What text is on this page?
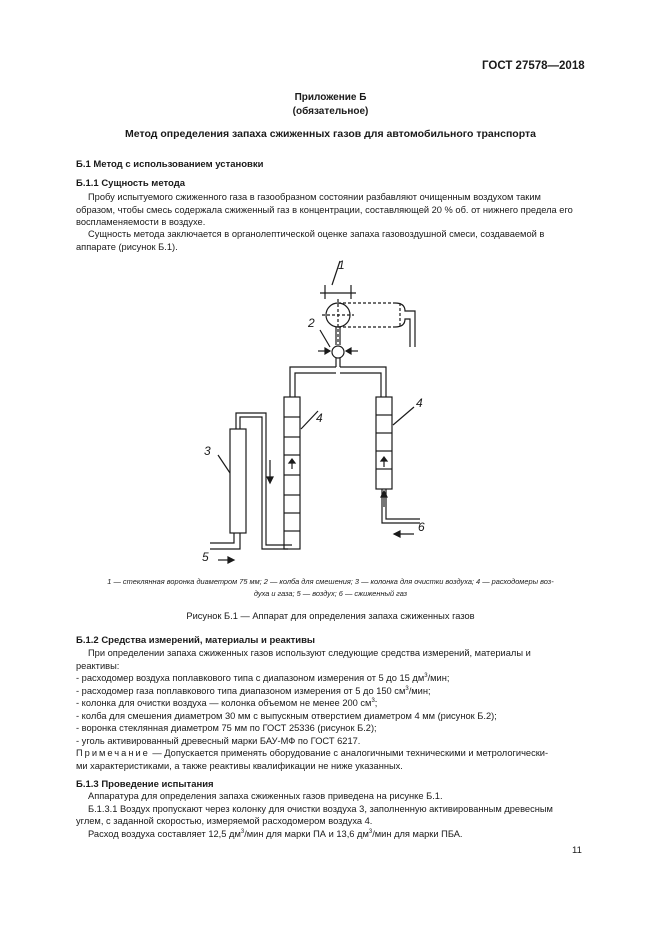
ГОСТ 27578—2018
Приложение Б
(обязательное)
Метод определения запаха сжиженных газов для автомобильного транспорта
Б.1 Метод с использованием установки
Б.1.1 Сущность метода
Пробу испытуемого сжиженного газа в газообразном состоянии разбавляют очищенным воздухом таким
образом, чтобы смесь содержала сжиженный газ в концентрации, составляющей 20 % об. от нижнего предела его
воспламеняемости в воздухе.
Сущность метода заключается в органолептической оценке запаха газовоздушной смеси, создаваемой в
аппарате (рисунок Б.1).
1
2
3
4
4
5
6
1 — стеклянная воронка диаметром 75 мм; 2 — колба для смешения; 3 — колонка для очистки воздуха; 4 — расходомеры воз-
духа и газа; 5 — воздух; 6 — сжиженный газ
Рисунок Б.1 — Аппарат для определения запаха сжиженных газов
Б.1.2 Средства измерений, материалы и реактивы
При определении запаха сжиженных газов используют следующие средства измерений, материалы и
реактивы:
- расходомер воздуха поплавкового типа с диапазоном измерения от 5 до 15 $дм^3$/мин;
- расходомер газа поплавкового типа диапазоном измерения от 5 до 150 $см^3$/мин;
- колонка для очистки воздуха — колонка объемом не менее 200 $см^3$;
- колба для смешения диаметром 30 мм с выпускным отверстием диаметром 4 мм (рисунок Б.2);
- воронка стеклянная диаметром 75 мм по ГОСТ 25336 (рисунок Б.2);
- уголь активированный древесный марки БАУ-МФ по ГОСТ 6217.
Примечание — Допускается применять оборудование с аналогичными техническими и метрологически-
ми характеристиками, а также реактивы квалификации не ниже указанных.
Б.1.3 Проведение испытания
Аппаратура для определения запаха сжиженных газов приведена на рисунке Б.1.
Б.1.3.1 Воздух пропускают через колонку для очистки воздуха 3, заполненную активированным древесным
углем, с заданной скоростью, измеряемой расходомером воздуха 4.
Расход воздуха составляет 12,5 $дм^3$/мин для марки ПА и 13,6 $дм^3$/мин для марки ПБА.
11
